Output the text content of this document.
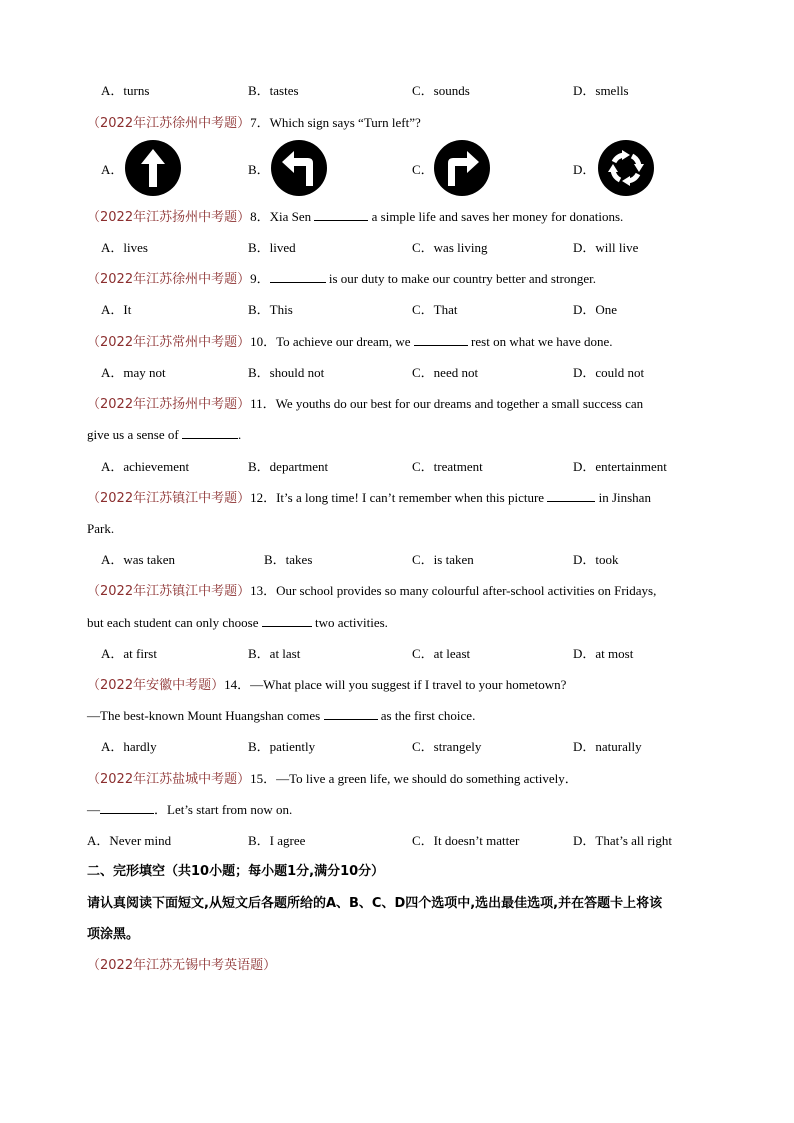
A．turns	B．tastes	C．sounds	D．smells
（2022年江苏徐州中考题）7．Which sign says “Turn left”?
A．	B．	C．	D．
（2022年江苏扬州中考题）8．Xia Sen	a simple life and saves her money for donations.
A．lives	B．lived	C．was living	D．will live
（2022年江苏徐州中考题）9．	is our duty to make our country better and stronger.
A．It	B．This	C．That	D．One
（2022年江苏常州中考题）10．To achieve our dream, we	rest on what we have done.
A．may not	B．should not	C．need not	D．could not
（2022年江苏扬州中考题）11．We youths do our best for our dreams and together a small success can
give us a sense of	.
A．achievement	B．department	C．treatment	D．entertainment
（2022年江苏镇江中考题）12．It’s a long time! I can’t remember when this picture	in Jinshan
Park.
A．was taken	B．takes	C．is taken	D．took
（2022年江苏镇江中考题）13．Our school provides so many colourful after-school activities on Fridays,
but each student can only choose	two activities.
A．at first	B．at last	C．at least	D．at most
（2022年安徽中考题）14．—What place will you suggest if I travel to your hometown?
—The best-known Mount Huangshan comes	as the first choice.
A．hardly	B．patiently	C．strangely	D．naturally
（2022年江苏盐城中考题）15．—To live a green life, we should do something actively．
—	．Let’s start from now on.
A．Never mind	B．I agree	C．It doesn’t matter	D．That’s all right
二、完形填空（共10小题；每小题1分,满分10分）
请认真阅读下面短文,从短文后各题所给的A、B、C、D四个选项中,选出最佳选项,并在答题卡上将该
项涂黑。
（2022年江苏无锡中考英语题）
